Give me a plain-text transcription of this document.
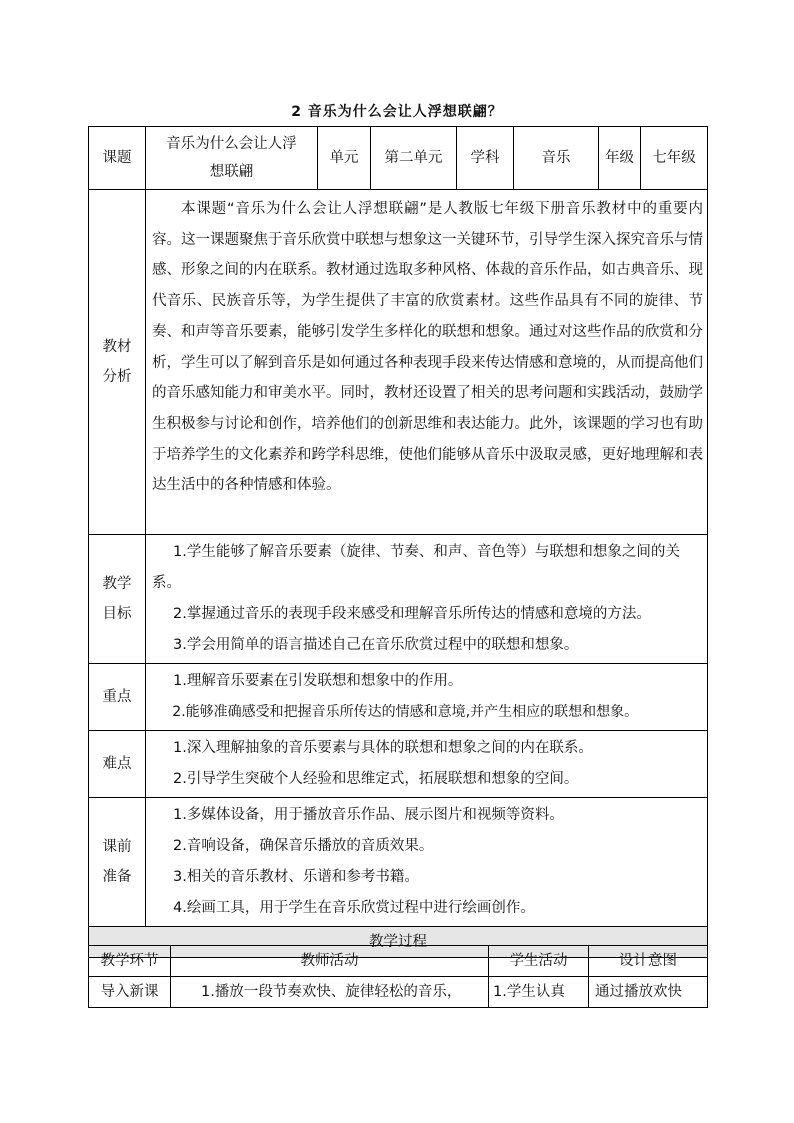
2 音乐为什么会让人浮想联翩？
课题	音乐为什么会让人浮想联翩	单元	第二单元	学科	音乐	年级	七年级
教材分析	本课题“音乐为什么会让人浮想联翩”是人教版七年级下册音乐教材中的重要内容。这一课题聚焦于音乐欣赏中联想与想象这一关键环节，引导学生深入探究音乐与情感、形象之间的内在联系。教材通过选取多种风格、体裁的音乐作品，如古典音乐、现代音乐、民族音乐等，为学生提供了丰富的欣赏素材。这些作品具有不同的旋律、节奏、和声等音乐要素，能够引发学生多样化的联想和想象。通过对这些作品的欣赏和分析，学生可以了解到音乐是如何通过各种表现手段来传达情感和意境的，从而提高他们的音乐感知能力和审美水平。同时，教材还设置了相关的思考问题和实践活动，鼓励学生积极参与讨论和创作，培养他们的创新思维和表达能力。此外，该课题的学习也有助于培养学生的文化素养和跨学科思维，使他们能够从音乐中汲取灵感，更好地理解和表达生活中的各种情感和体验。						
教学目标	1.学生能够了解音乐要素（旋律、节奏、和声、音色等）与联想和想象之间的关系。

2.掌握通过音乐的表现手段来感受和理解音乐所传达的情感和意境的方法。

3.学会用简单的语言描述自己在音乐欣赏过程中的联想和想象。						

重点	1.理解音乐要素在引发联想和想象中的作用。

2.能够准确感受和把握音乐所传达的情感和意境,并产生相应的联想和想象。						

难点	1.深入理解抽象的音乐要素与具体的联想和想象之间的内在联系。

2.引导学生突破个人经验和思维定式，拓展联想和想象的空间。						

课前准备	1.多媒体设备，用于播放音乐作品、展示图片和视频等资料。

2.音响设备，确保音乐播放的音质效果。

3.相关的音乐教材、乐谱和参考书籍。

4.绘画工具，用于学生在音乐欣赏过程中进行绘画创作。						

教学过程							
教学环节	教师活动	学生活动	设计意图
导入新课	1.播放一段节奏欢快、旋律轻松的音乐，	1.学生认真	通过播放欢快
